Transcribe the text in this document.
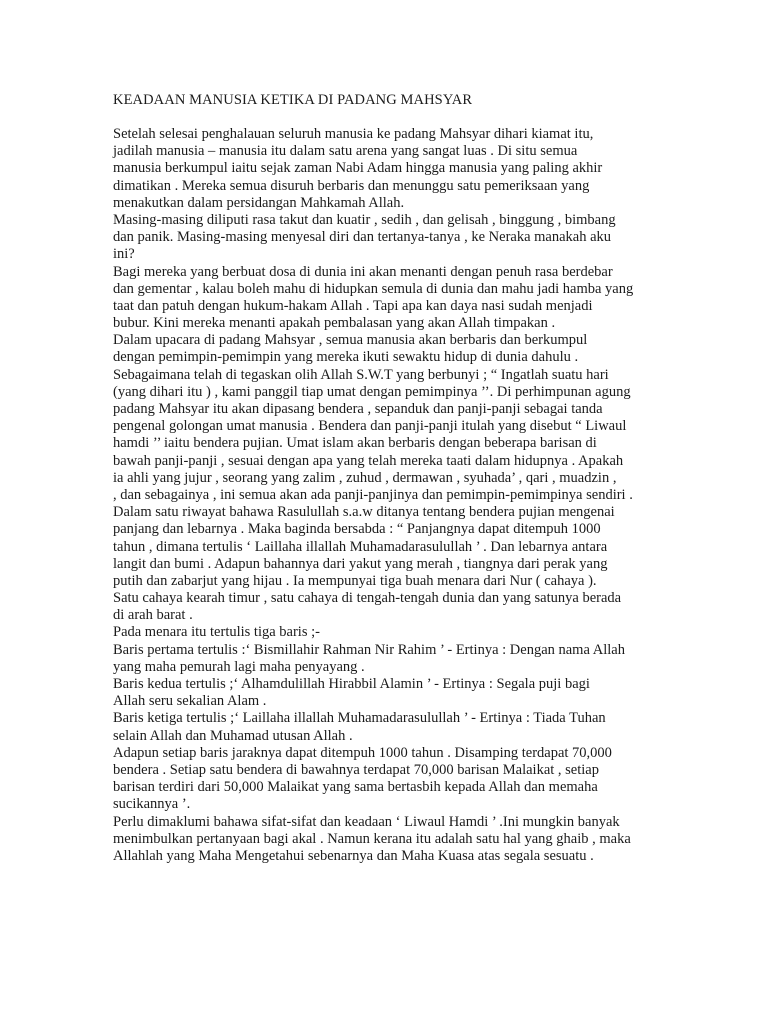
KEADAAN MANUSIA KETIKA DI PADANG MAHSYAR
Setelah selesai penghalauan seluruh manusia ke padang Mahsyar dihari kiamat itu,
jadilah manusia – manusia itu dalam satu arena yang sangat luas . Di situ semua
manusia berkumpul iaitu sejak zaman Nabi Adam hingga manusia yang paling akhir
dimatikan . Mereka semua disuruh berbaris dan menunggu satu pemeriksaan yang
menakutkan dalam persidangan Mahkamah Allah.
Masing-masing diliputi rasa takut dan kuatir , sedih , dan gelisah , binggung , bimbang
dan panik. Masing-masing menyesal diri dan tertanya-tanya , ke Neraka manakah aku
ini?
Bagi mereka yang berbuat dosa di dunia ini akan menanti dengan penuh rasa berdebar
dan gementar , kalau boleh mahu di hidupkan semula di dunia dan mahu jadi hamba yang
taat dan patuh dengan hukum-hakam Allah . Tapi apa kan daya nasi sudah menjadi
bubur. Kini mereka menanti apakah pembalasan yang akan Allah timpakan .
Dalam upacara di padang Mahsyar , semua manusia akan berbaris dan berkumpul
dengan pemimpin-pemimpin yang mereka ikuti sewaktu hidup di dunia dahulu .
Sebagaimana telah di tegaskan olih Allah S.W.T yang berbunyi ; “ Ingatlah suatu hari
(yang dihari itu ) , kami panggil tiap umat dengan pemimpinya ’’. Di perhimpunan agung
padang Mahsyar itu akan dipasang bendera , sepanduk dan panji-panji sebagai tanda
pengenal golongan umat manusia . Bendera dan panji-panji itulah yang disebut “ Liwaul
hamdi ’’ iaitu bendera pujian. Umat islam akan berbaris dengan beberapa barisan di
bawah panji-panji , sesuai dengan apa yang telah mereka taati dalam hidupnya . Apakah
ia ahli yang jujur , seorang yang zalim , zuhud , dermawan , syuhada’ , qari , muadzin ,
, dan sebagainya , ini semua akan ada panji-panjinya dan pemimpin-pemimpinya sendiri .
Dalam satu riwayat bahawa Rasulullah s.a.w ditanya tentang bendera pujian mengenai
panjang dan lebarnya . Maka baginda bersabda : “ Panjangnya dapat ditempuh 1000
tahun , dimana tertulis ‘ Laillaha illallah Muhamadarasulullah ’ . Dan lebarnya antara
langit dan bumi . Adapun bahannya dari yakut yang merah , tiangnya dari perak yang
putih dan zabarjut yang hijau . Ia mempunyai tiga buah menara dari Nur ( cahaya ).
Satu cahaya kearah timur , satu cahaya di tengah-tengah dunia dan yang satunya berada
di arah barat .
Pada menara itu tertulis tiga baris ;-
Baris pertama tertulis :‘ Bismillahir Rahman Nir Rahim ’ - Ertinya : Dengan nama Allah
yang maha pemurah lagi maha penyayang .
Baris kedua tertulis ;‘ Alhamdulillah Hirabbil Alamin ’ - Ertinya : Segala puji bagi
Allah seru sekalian Alam .
Baris ketiga tertulis ;‘ Laillaha illallah Muhamadarasulullah ’ - Ertinya : Tiada Tuhan
selain Allah dan Muhamad utusan Allah .
Adapun setiap baris jaraknya dapat ditempuh 1000 tahun . Disamping terdapat 70,000
bendera . Setiap satu bendera di bawahnya terdapat 70,000 barisan Malaikat , setiap
barisan terdiri dari 50,000 Malaikat yang sama bertasbih kepada Allah dan memaha
sucikannya ’.
Perlu dimaklumi bahawa sifat-sifat dan keadaan ‘ Liwaul Hamdi ’ .Ini mungkin banyak
menimbulkan pertanyaan bagi akal . Namun kerana itu adalah satu hal yang ghaib , maka
Allahlah yang Maha Mengetahui sebenarnya dan Maha Kuasa atas segala sesuatu .
